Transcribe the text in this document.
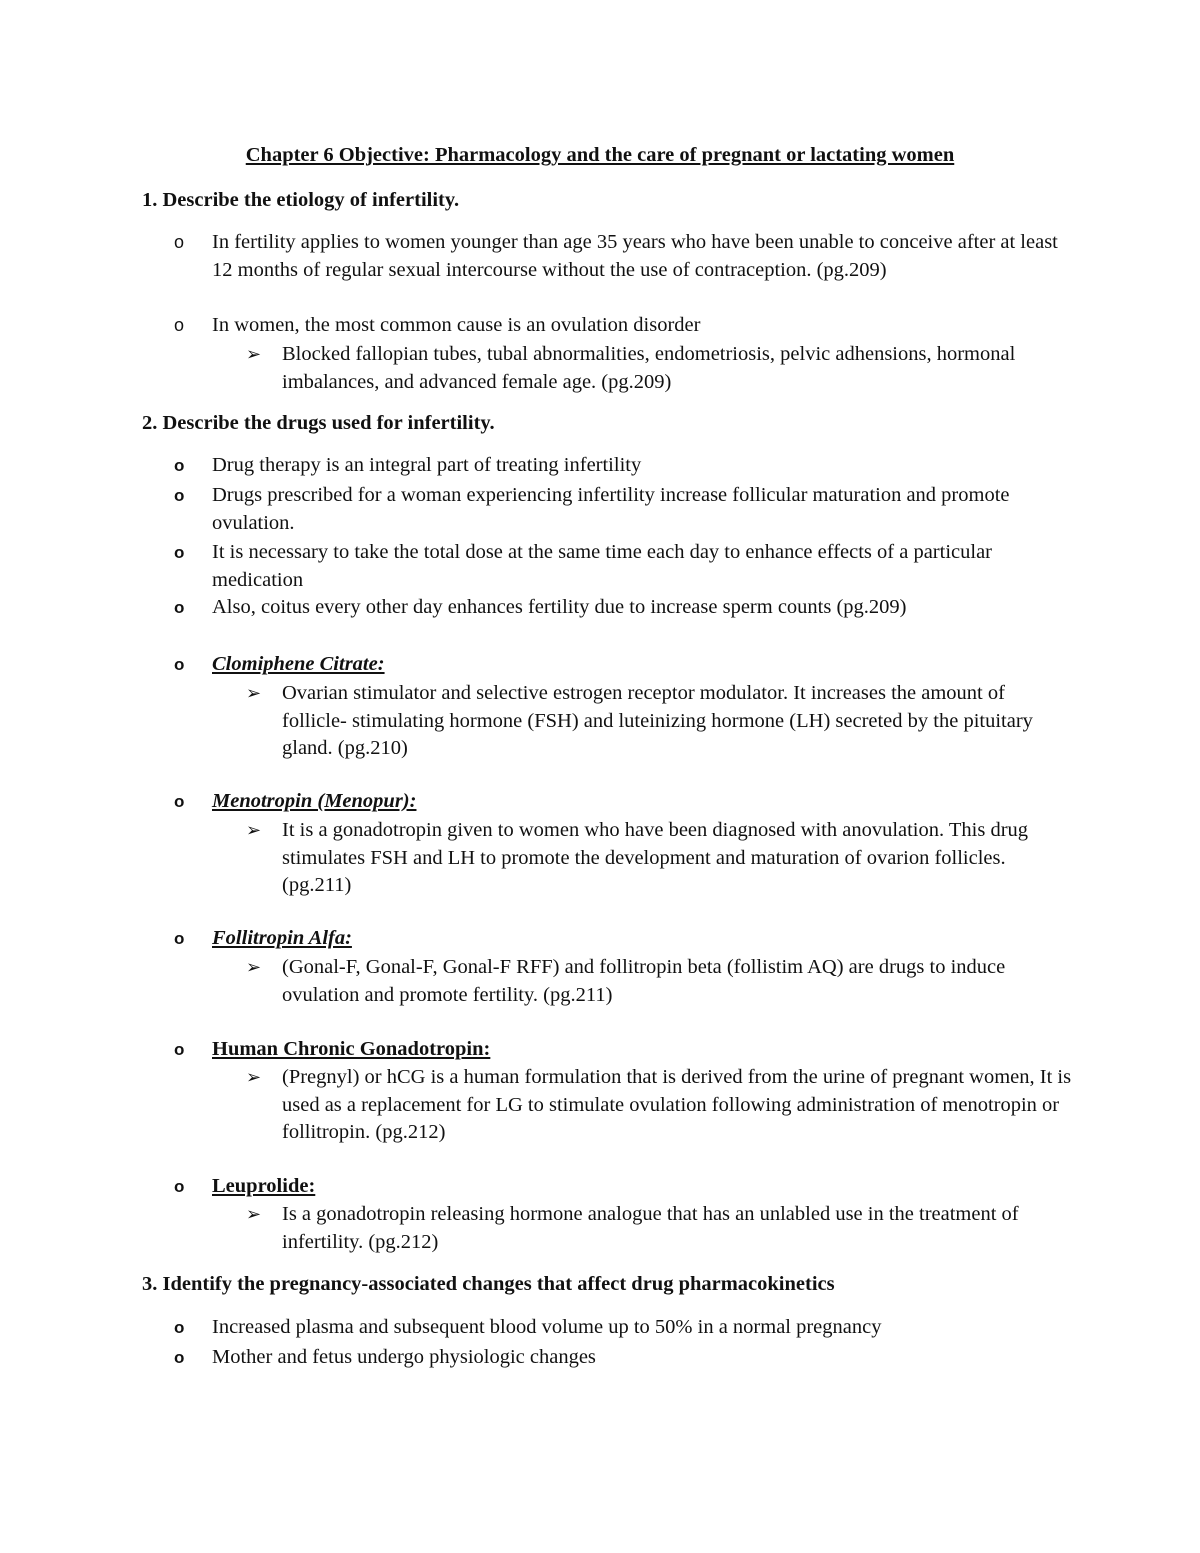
Chapter 6 Objective: Pharmacology and the care of pregnant or lactating women
1. Describe the etiology of infertility.
o	In fertility applies to women younger than age 35 years who have been unable to conceive after at least 12 months of regular sexual intercourse without the use of contraception. (pg.209)
o	In women, the most common cause is an ovulation disorder
➢	Blocked fallopian tubes, tubal abnormalities, endometriosis, pelvic adhensions, hormonal imbalances, and advanced female age. (pg.209)
2. Describe the drugs used for infertility.
o	Drug therapy is an integral part of treating infertility
o	Drugs prescribed for a woman experiencing infertility increase follicular maturation and promote ovulation.
o	It is necessary to take the total dose at the same time each day to enhance effects of a particular medication
o	Also, coitus every other day enhances fertility due to increase sperm counts (pg.209)
o	Clomiphene Citrate:
➢	Ovarian stimulator and selective estrogen receptor modulator. It increases the amount of follicle- stimulating hormone (FSH) and luteinizing hormone (LH) secreted by the pituitary gland. (pg.210)
o	Menotropin (Menopur):
➢	It is a gonadotropin given to women who have been diagnosed with anovulation. This drug stimulates FSH and LH to promote the development and maturation of ovarion follicles. (pg.211)
o	Follitropin Alfa:
➢	(Gonal-F, Gonal-F, Gonal-F RFF) and follitropin beta (follistim AQ) are drugs to induce ovulation and promote fertility. (pg.211)
o	Human Chronic Gonadotropin:
➢	(Pregnyl) or hCG is a human formulation that is derived from the urine of pregnant women, It is used as a replacement for LG to stimulate ovulation following administration of menotropin or follitropin. (pg.212)
o	Leuprolide:
➢	Is a gonadotropin releasing hormone analogue that has an unlabled use in the treatment of infertility. (pg.212)
3. Identify the pregnancy-associated changes that affect drug pharmacokinetics
o	Increased plasma and subsequent blood volume up to 50% in a normal pregnancy
o	Mother and fetus undergo physiologic changes
